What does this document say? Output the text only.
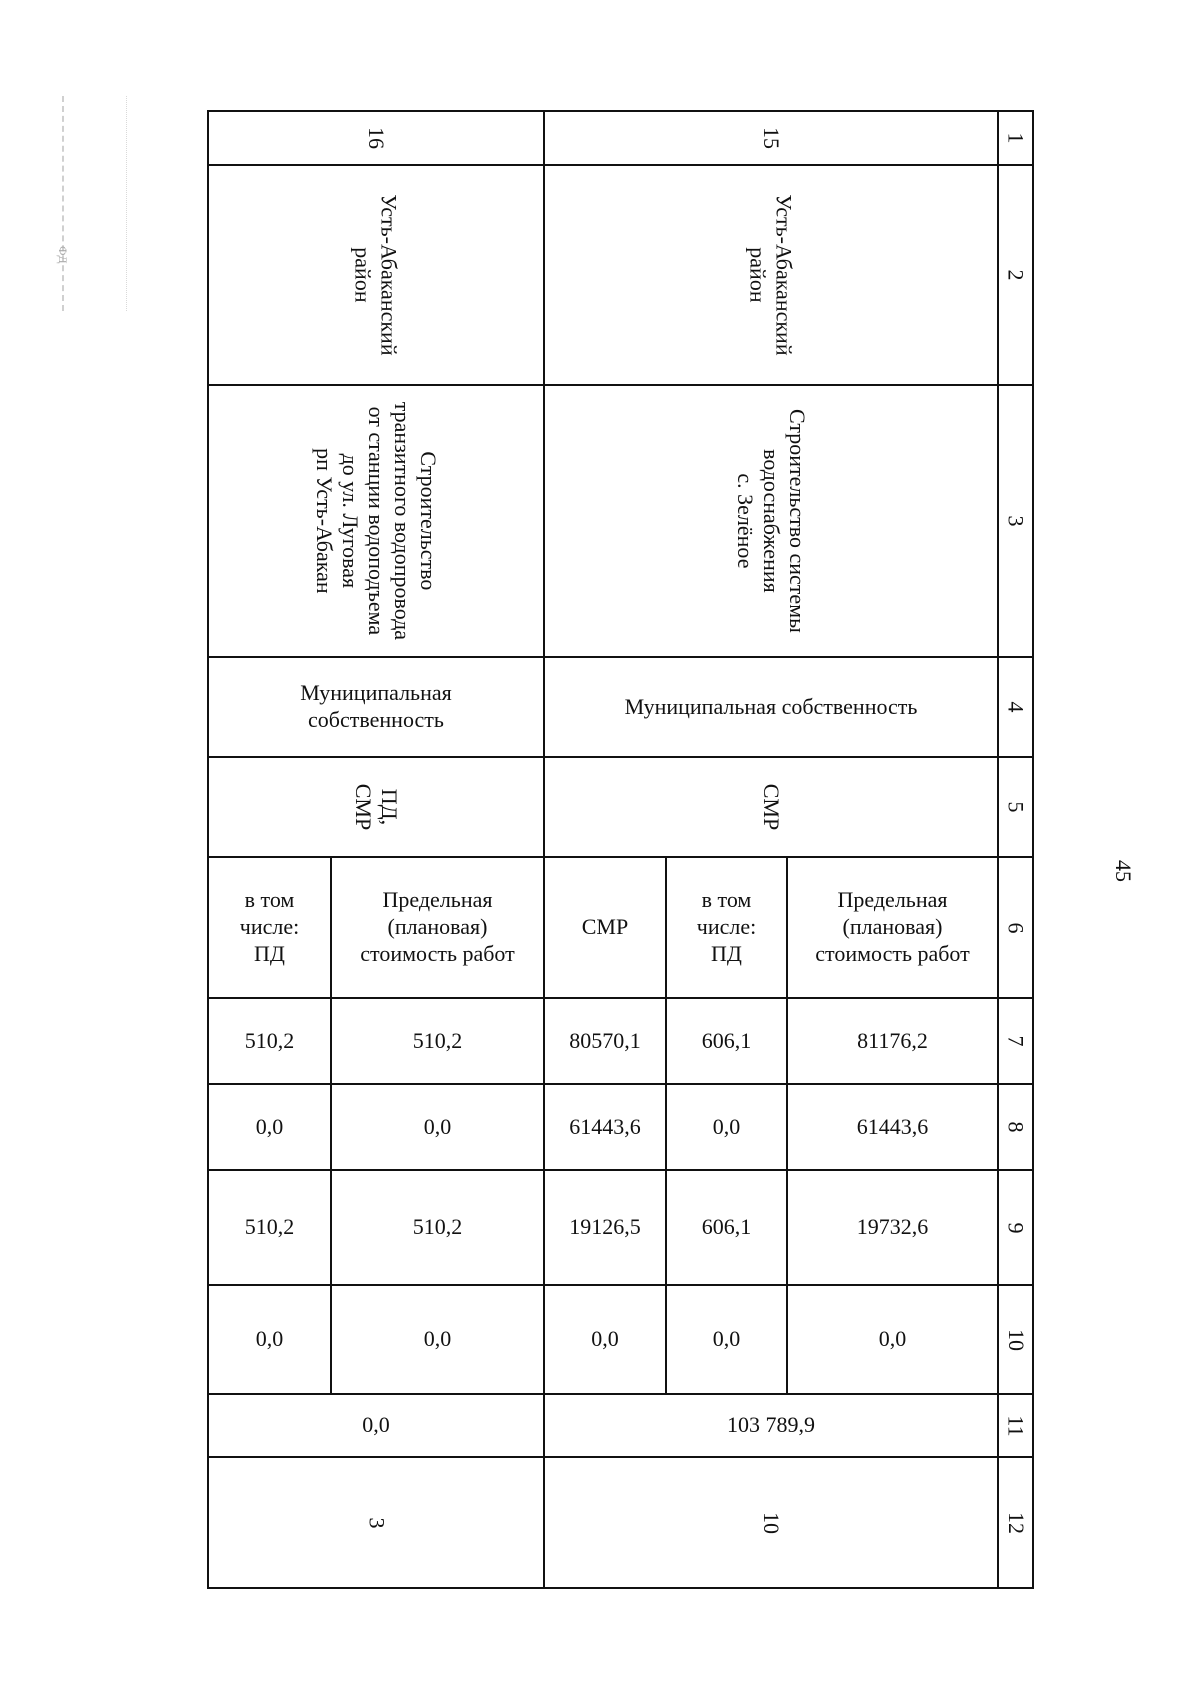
ФД
45
1
2
3
4
5
6
7
8
9
10
11
12
15
Усть-Абаканский
район
Строительство системы
водоснабжения
с. Зелёное
Муниципальная собственность
СМР
Предельная
(плановая)
стоимость работ
в том
числе:
ПД
СМР
81176,2
606,1
80570,1
61443,6
0,0
61443,6
19732,6
606,1
19126,5
0,0
0,0
0,0
103 789,9
10
16
Усть-Абаканский
район
Строительство
транзитного водопровода
от станции водоподъема
до ул. Луговая
рп Усть-Абакан
Муниципальная
собственность
ПД,
СМР
Предельная
(плановая)
стоимость работ
в том
числе:
ПД
510,2
510,2
0,0
0,0
510,2
510,2
0,0
0,0
0,0
3
